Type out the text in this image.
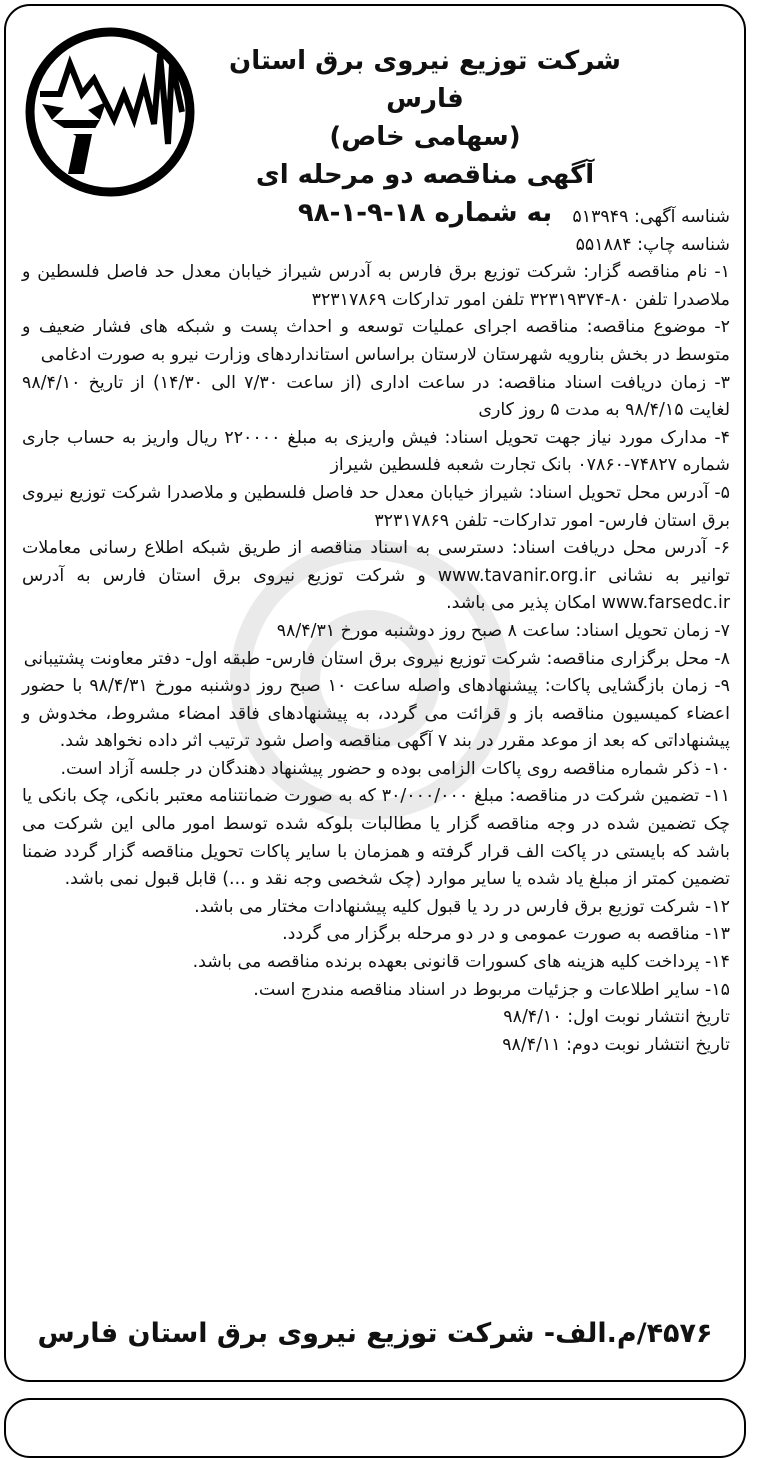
شرکت توزیع نیروی برق استان فارس
(سهامی خاص)
آگهی مناقصه دو مرحله ای
به شماره ۱۸-۹-۱-۹۸	شناسه آگهی: ۵۱۳۹۴۹

شناسه چاپ: ۵۵۱۸۸۴

۱- نام مناقصه گزار: شرکت توزیع برق فارس به آدرس شیراز خیابان معدل حد فاصل فلسطین و ملاصدرا تلفن ۸۰-۳۲۳۱۹۳۷۴ تلفن امور تدارکات ۳۲۳۱۷۸۶۹

۲- موضوع مناقصه: مناقصه اجرای عملیات توسعه و احداث پست و شبکه های فشار ضعیف و متوسط در بخش بنارویه شهرستان لارستان براساس استانداردهای وزارت نیرو به صورت ادغامی

۳- زمان دریافت اسناد مناقصه: در ساعت اداری (از ساعت ۷/۳۰ الی ۱۴/۳۰) از تاریخ ۹۸/۴/۱۰ لغایت ۹۸/۴/۱۵ به مدت ۵ روز کاری

۴- مدارک مورد نیاز جهت تحویل اسناد: فیش واریزی به مبلغ ۲۲۰۰۰۰ ریال واریز به حساب جاری شماره ۷۴۸۲۷-۰۷۸۶۰ بانک تجارت شعبه فلسطین شیراز

۵- آدرس محل تحویل اسناد: شیراز خیابان معدل حد فاصل فلسطین و ملاصدرا شرکت توزیع نیروی برق استان فارس- امور تدارکات- تلفن ۳۲۳۱۷۸۶۹

۶- آدرس محل دریافت اسناد: دسترسی به اسناد مناقصه از طریق شبکه اطلاع رسانی معاملات توانیر به نشانی www.tavanir.org.ir و شرکت توزیع نیروی برق استان فارس به آدرس www.farsedc.ir امکان پذیر می باشد.

۷- زمان تحویل اسناد: ساعت ۸ صبح روز دوشنبه مورخ ۹۸/۴/۳۱

۸- محل برگزاری مناقصه: شرکت توزیع نیروی برق استان فارس- طبقه اول- دفتر معاونت پشتیبانی

۹- زمان بازگشایی پاکات: پیشنهادهای واصله ساعت ۱۰ صبح روز دوشنبه مورخ ۹۸/۴/۳۱ با حضور اعضاء کمیسیون مناقصه باز و قرائت می گردد، به پیشنهادهای فاقد امضاء مشروط، مخدوش و پیشنهاداتی که بعد از موعد مقرر در بند ۷ آگهی مناقصه واصل شود ترتیب اثر داده نخواهد شد.

۱۰- ذکر شماره مناقصه روی پاکات الزامی بوده و حضور پیشنهاد دهندگان در جلسه آزاد است.

۱۱- تضمین شرکت در مناقصه: مبلغ ۳۰/۰۰۰/۰۰۰ که به صورت ضمانتنامه معتبر بانکی، چک بانکی یا چک تضمین شده در وجه مناقصه گزار یا مطالبات بلوکه شده توسط امور مالی این شرکت می باشد که بایستی در پاکت الف قرار گرفته و همزمان با سایر پاکات تحویل مناقصه گزار گردد ضمنا تضمین کمتر از مبلغ یاد شده یا سایر موارد (چک شخصی وجه نقد و ...) قابل قبول نمی باشد.

۱۲- شرکت توزیع برق فارس در رد یا قبول کلیه پیشنهادات مختار می باشد.

۱۳- مناقصه به صورت عمومی و در دو مرحله برگزار می گردد.

۱۴- پرداخت کلیه هزینه های کسورات قانونی بعهده برنده مناقصه می باشد.

۱۵- سایر اطلاعات و جزئیات مربوط در اسناد مناقصه مندرج است.

تاریخ انتشار نوبت اول: ۹۸/۴/۱۰

تاریخ انتشار نوبت دوم: ۹۸/۴/۱۱

۴۵۷۶/م.الف- شرکت توزیع نیروی برق استان فارس
